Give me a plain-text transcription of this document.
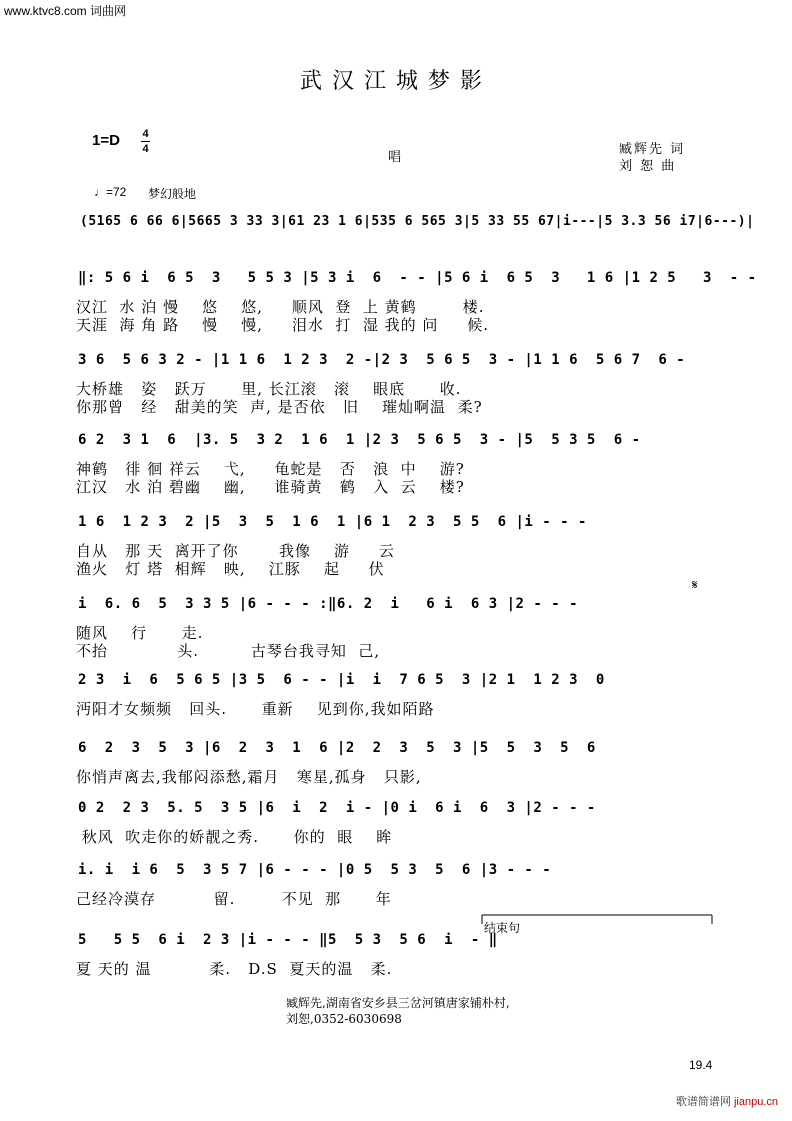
www.ktvc8.com 词曲网
武汉江城梦影
1=D 4
4
唱
臧辉先 词
刘 恕 曲
♩=72 梦幻般地
(5165 6 66 6|5665 3 33 3|61 23 1 6|535 6 565 3|5 33 55 67|i---|5 3.3 56 i7|6---)|
‖: 5 6 i  6 5  3   5 5 3 |5 3 i  6  - - |5 6 i  6 5  3   1 6 |1 2 5   3  - -
汉江  水 泊 慢    悠    悠,     顺风  登  上 黄鹤        楼.
天涯  海 角 路    慢    慢,     泪水  打  湿 我的 问     候.
3 6  5 6 3 2 - |1 1 6  1 2 3  2 -|2 3  5 6 5  3 - |1 1 6  5 6 7  6 -
大桥雄   姿   跃万      里, 长江滚   滚    眼底      收.
你那曾   经   甜美的笑  声, 是否依   旧    璀灿啊温  柔?
6 2  3 1  6  |3. 5  3 2  1 6  1 |2 3  5 6 5  3 - |5  5 3 5  6 -
神鹤   徘 徊 祥云    弋,     龟蛇是   否   浪  中    游?
江汉   水 泊 碧幽    幽,     谁骑黄   鹤   入  云    楼?
1 6  1 2 3  2 |5  3  5  1 6  1 |6 1  2 3  5 5  6 |i - - -
自从   那 天  离开了你       我像    游     云
渔火   灯 塔  相辉   映,    江豚    起     伏
i  6. 6  5  3 3 5 |6 - - - :‖6. 2  i   6 i  6 3 |2 - - -
随风    行      走.
不抬            头.         古琴台我寻知  己,
2 3  i  6  5 6 5 |3 5  6 - - |i  i  7 6 5  3 |2 1  1 2 3  0
沔阳才女频频   回头.      重新    见到你,我如陌路
6  2  3  5  3 |6  2  3  1  6 |2  2  3  5  3 |5  5  3  5  6
你悄声离去,我郁闷添愁,霜月   寒星,孤身   只影,
0 2  2 3  5. 5  3 5 |6  i  2  i - |0 i  6 i  6  3 |2 - - -
秋风  吹走你的娇靓之秀.      你的  眼    眸
i. i  i 6  5  3 5 7 |6 - - - |0 5  5 3  5  6 |3 - - -
己经冷漠存          留.        不见  那      年
5   5 5  6 i  2 3 |i - - - ‖5  5 3  5 6  i  - ‖
夏 天的 温          柔.   D.S  夏天的温   柔.
𝄋
结束句
臧辉先,湖南省安乡县三岔河镇唐家铺朴村,
刘恕,0352-6030698
19.4
歌谱简谱网 jianpu.cn
